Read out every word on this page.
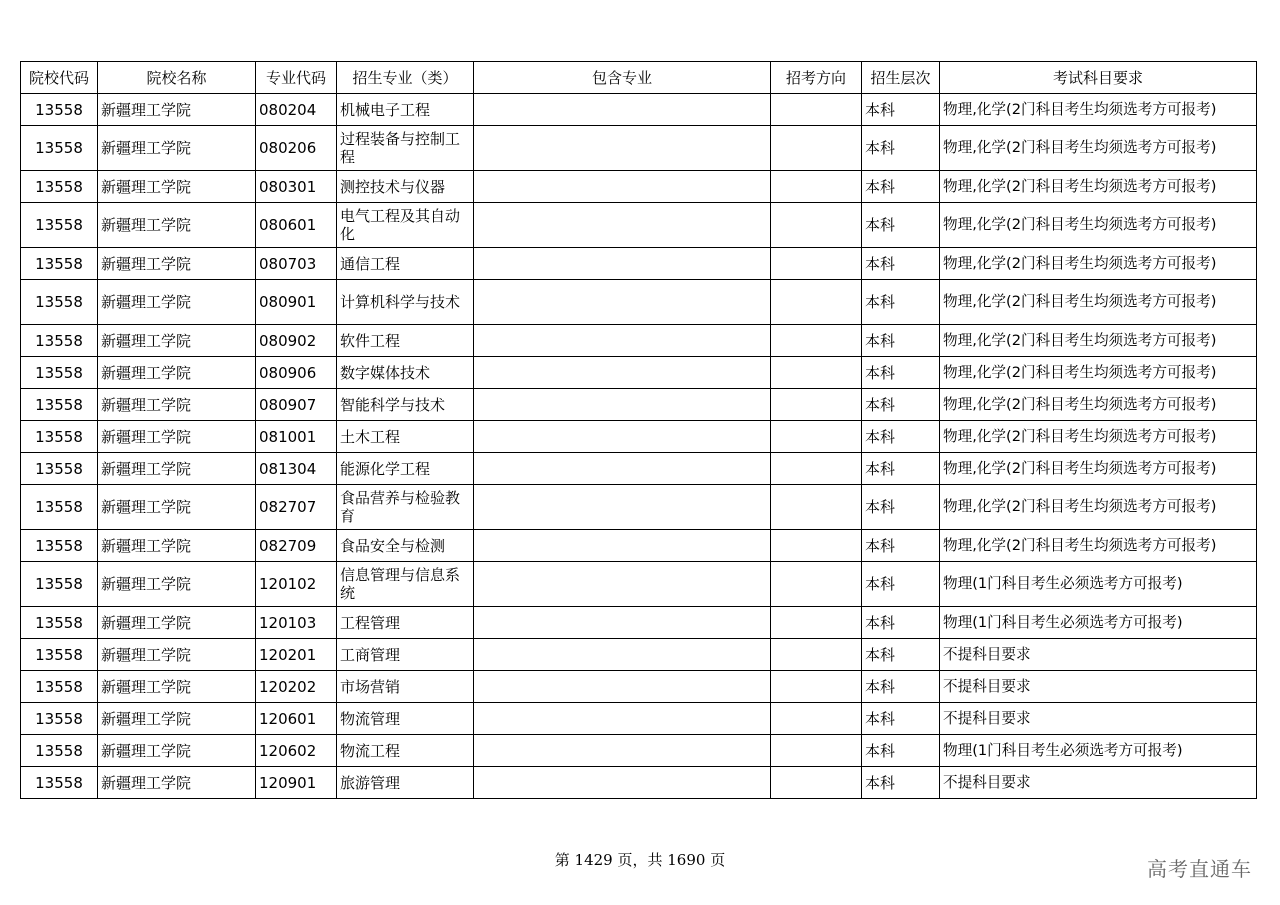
院校代码	院校名称	专业代码	招生专业（类）	包含专业	招考方向	招生层次	考试科目要求
13558	新疆理工学院	080204	机械电子工程			本科	物理,化学(2门科目考生均须选考方可报考)
13558	新疆理工学院	080206	过程装备与控制工程			本科	物理,化学(2门科目考生均须选考方可报考)
13558	新疆理工学院	080301	测控技术与仪器			本科	物理,化学(2门科目考生均须选考方可报考)
13558	新疆理工学院	080601	电气工程及其自动化			本科	物理,化学(2门科目考生均须选考方可报考)
13558	新疆理工学院	080703	通信工程			本科	物理,化学(2门科目考生均须选考方可报考)
13558	新疆理工学院	080901	计算机科学与技术			本科	物理,化学(2门科目考生均须选考方可报考)
13558	新疆理工学院	080902	软件工程			本科	物理,化学(2门科目考生均须选考方可报考)
13558	新疆理工学院	080906	数字媒体技术			本科	物理,化学(2门科目考生均须选考方可报考)
13558	新疆理工学院	080907	智能科学与技术			本科	物理,化学(2门科目考生均须选考方可报考)
13558	新疆理工学院	081001	土木工程			本科	物理,化学(2门科目考生均须选考方可报考)
13558	新疆理工学院	081304	能源化学工程			本科	物理,化学(2门科目考生均须选考方可报考)
13558	新疆理工学院	082707	食品营养与检验教育			本科	物理,化学(2门科目考生均须选考方可报考)
13558	新疆理工学院	082709	食品安全与检测			本科	物理,化学(2门科目考生均须选考方可报考)
13558	新疆理工学院	120102	信息管理与信息系统			本科	物理(1门科目考生必须选考方可报考)
13558	新疆理工学院	120103	工程管理			本科	物理(1门科目考生必须选考方可报考)
13558	新疆理工学院	120201	工商管理			本科	不提科目要求
13558	新疆理工学院	120202	市场营销			本科	不提科目要求
13558	新疆理工学院	120601	物流管理			本科	不提科目要求
13558	新疆理工学院	120602	物流工程			本科	物理(1门科目考生必须选考方可报考)
13558	新疆理工学院	120901	旅游管理			本科	不提科目要求
第 1429 页，共 1690 页	高考直通车
